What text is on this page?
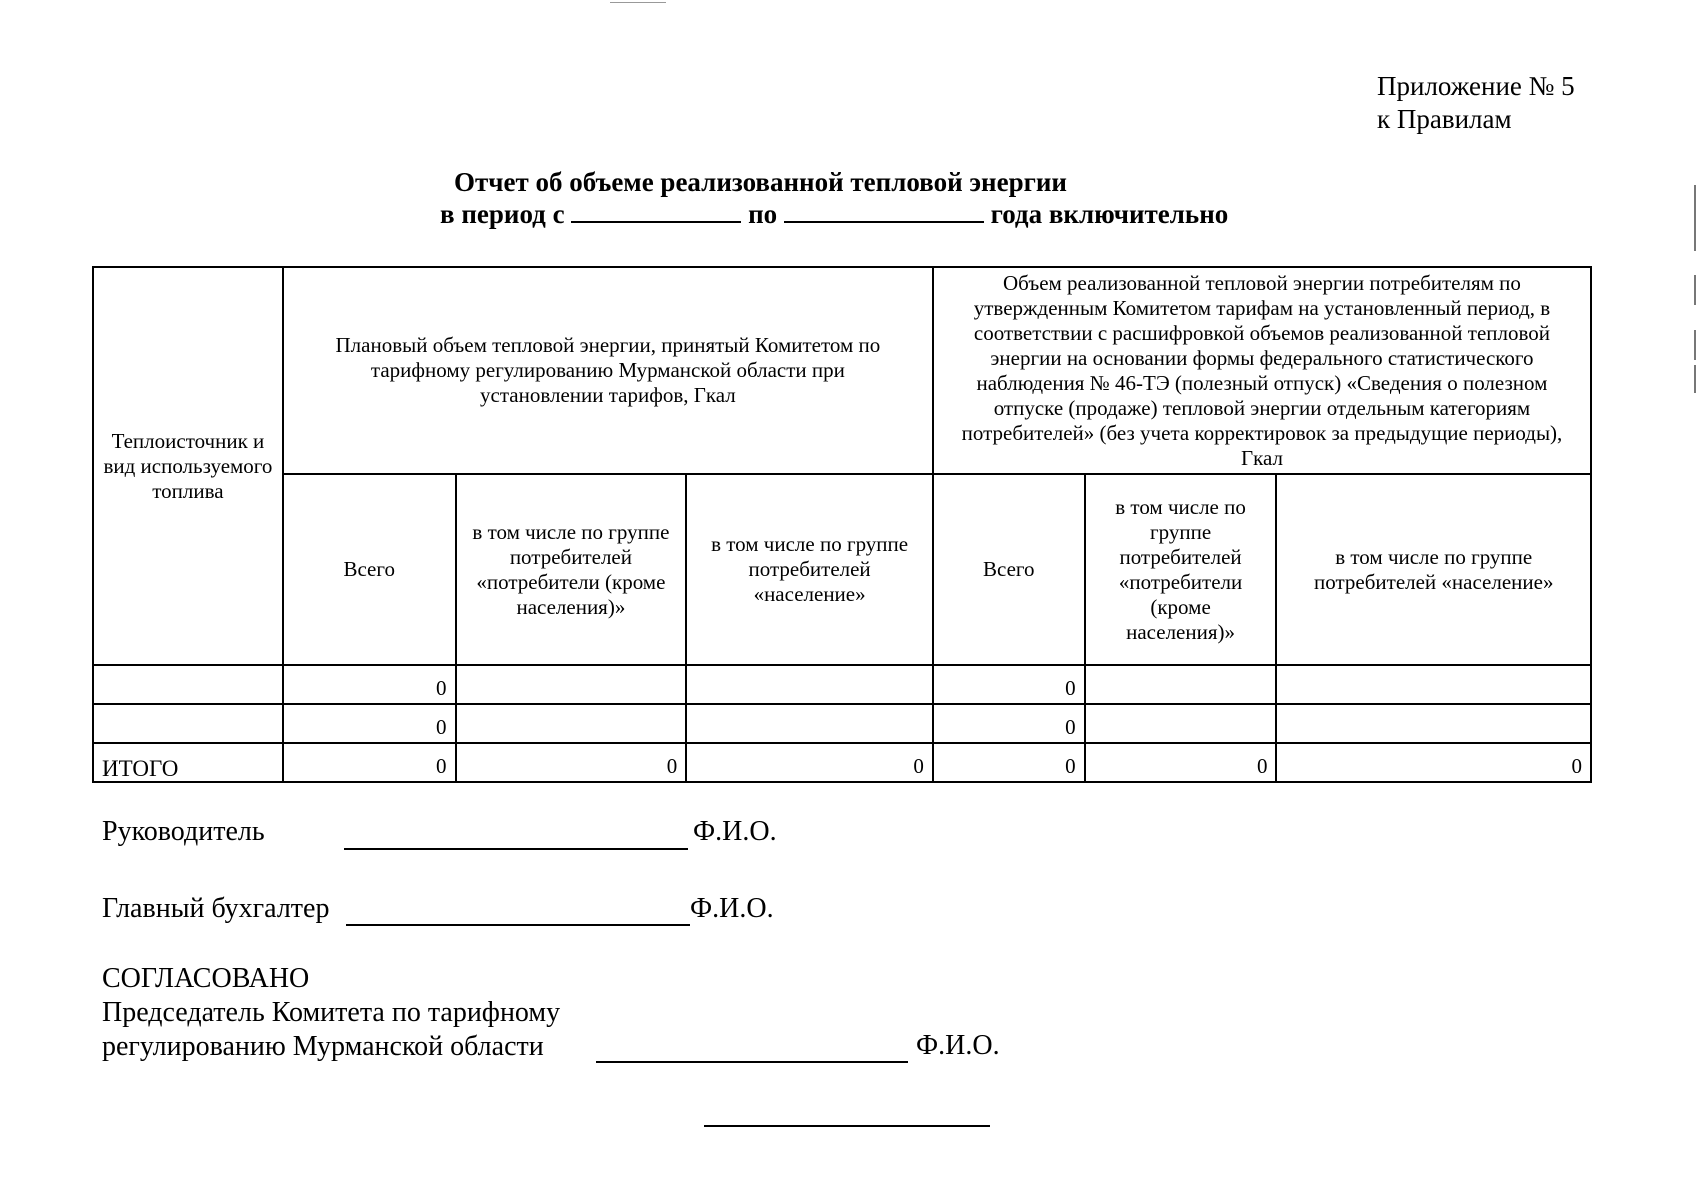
Приложение № 5
к Правилам
Отчет об объеме реализованной тепловой энергии
в период с	по	года включительно
Теплоисточник и вид используемого топлива	Плановый объем тепловой энергии, принятый Комитетом по тарифному регулированию Мурманской области при установлении тарифов, Гкал			Объем реализованной тепловой энергии потребителям по утвержденным Комитетом тарифам на установленный период, в соответствии с расшифровкой объемов реализованной тепловой энергии на основании формы федерального статистического наблюдения № 46-ТЭ (полезный отпуск) «Сведения о полезном отпуске (продаже) тепловой энергии отдельным категориям потребителей» (без учета корректировок за предыдущие периоды), Гкал		
	Всего	в том числе по группе потребителей «потребители (кроме населения)»	в том числе по группе потребителей «население»	Всего	в том числе по группе потребителей «потребители (кроме населения)»	в том числе по группе потребителей «население»
	0			0		
	0			0		
ИТОГО	0	0	0	0	0	0
Руководитель	Ф.И.О.
Главный бухгалтер	Ф.И.О.
СОГЛАСОВАНО
Председатель Комитета по тарифному
регулированию Мурманской области	Ф.И.О.
